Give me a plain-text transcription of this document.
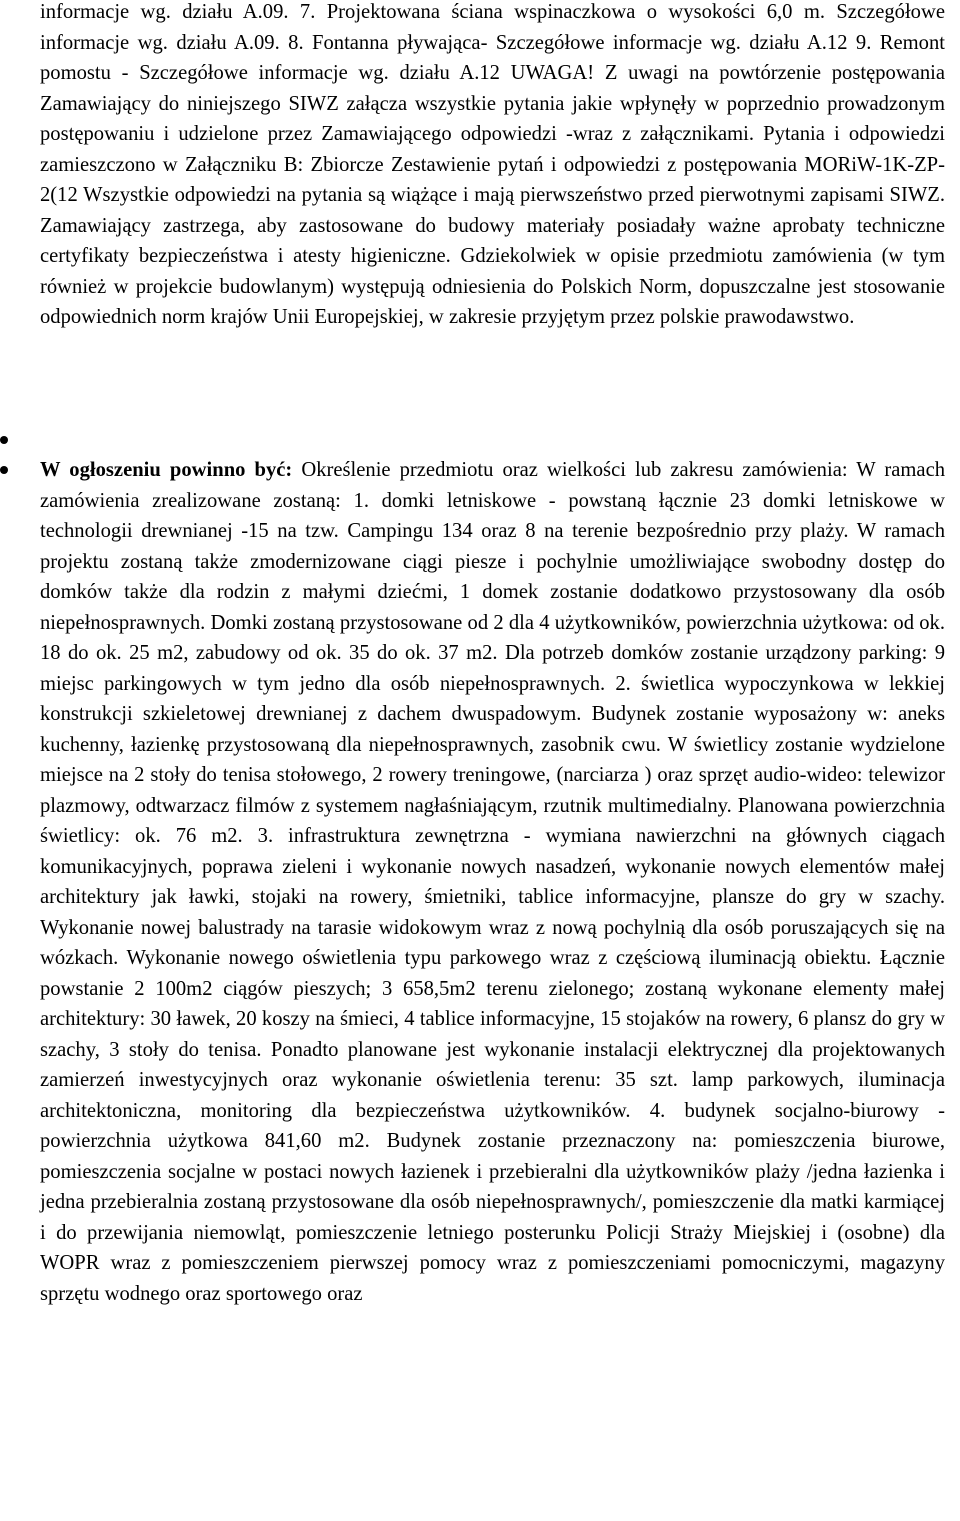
informacje wg. działu A.09. 7. Projektowana ściana wspinaczkowa o wysokości 6,0 m. Szczegółowe informacje wg. działu A.09. 8. Fontanna pływająca- Szczegółowe informacje wg. działu A.12 9. Remont pomostu - Szczegółowe informacje wg. działu A.12 UWAGA! Z uwagi na powtórzenie postępowania Zamawiający do niniejszego SIWZ załącza wszystkie pytania jakie wpłynęły w poprzednio prowadzonym postępowaniu i udzielone przez Zamawiającego odpowiedzi -wraz z załącznikami. Pytania i odpowiedzi zamieszczono w Załączniku B: Zbiorcze Zestawienie pytań i odpowiedzi z postępowania MORiW-1K-ZP-2(12 Wszystkie odpowiedzi na pytania są wiążące i mają pierwszeństwo przed pierwotnymi zapisami SIWZ. Zamawiający zastrzega, aby zastosowane do budowy materiały posiadały ważne aprobaty techniczne certyfikaty bezpieczeństwa i atesty higieniczne. Gdziekolwiek w opisie przedmiotu zamówienia (w tym również w projekcie budowlanym) występują odniesienia do Polskich Norm, dopuszczalne jest stosowanie odpowiednich norm krajów Unii Europejskiej, w zakresie przyjętym przez polskie prawodawstwo.

W ogłoszeniu powinno być: Określenie przedmiotu oraz wielkości lub zakresu zamówienia: W ramach zamówienia zrealizowane zostaną: 1. domki letniskowe - powstaną łącznie 23 domki letniskowe w technologii drewnianej -15 na tzw. Campingu 134 oraz 8 na terenie bezpośrednio przy plaży. W ramach projektu zostaną także zmodernizowane ciągi piesze i pochylnie umożliwiające swobodny dostęp do domków także dla rodzin z małymi dziećmi, 1 domek zostanie dodatkowo przystosowany dla osób niepełnosprawnych. Domki zostaną przystosowane od 2 dla 4 użytkowników, powierzchnia użytkowa: od ok. 18 do ok. 25 m2, zabudowy od ok. 35 do ok. 37 m2. Dla potrzeb domków zostanie urządzony parking: 9 miejsc parkingowych w tym jedno dla osób niepełnosprawnych. 2. świetlica wypoczynkowa w lekkiej konstrukcji szkieletowej drewnianej z dachem dwuspadowym. Budynek zostanie wyposażony w: aneks kuchenny, łazienkę przystosowaną dla niepełnosprawnych, zasobnik cwu. W świetlicy zostanie wydzielone miejsce na 2 stoły do tenisa stołowego, 2 rowery treningowe, (narciarza ) oraz sprzęt audio-wideo: telewizor plazmowy, odtwarzacz filmów z systemem nagłaśniającym, rzutnik multimedialny. Planowana powierzchnia świetlicy: ok. 76 m2. 3. infrastruktura zewnętrzna - wymiana nawierzchni na głównych ciągach komunikacyjnych, poprawa zieleni i wykonanie nowych nasadzeń, wykonanie nowych elementów małej architektury jak ławki, stojaki na rowery, śmietniki, tablice informacyjne, plansze do gry w szachy. Wykonanie nowej balustrady na tarasie widokowym wraz z nową pochylnią dla osób poruszających się na wózkach. Wykonanie nowego oświetlenia typu parkowego wraz z częściową iluminacją obiektu. Łącznie powstanie 2 100m2 ciągów pieszych; 3 658,5m2 terenu zielonego; zostaną wykonane elementy małej architektury: 30 ławek, 20 koszy na śmieci, 4 tablice informacyjne, 15 stojaków na rowery, 6 plansz do gry w szachy, 3 stoły do tenisa. Ponadto planowane jest wykonanie instalacji elektrycznej dla projektowanych zamierzeń inwestycyjnych oraz wykonanie oświetlenia terenu: 35 szt. lamp parkowych, iluminacja architektoniczna, monitoring dla bezpieczeństwa użytkowników. 4. budynek socjalno-biurowy - powierzchnia użytkowa 841,60 m2. Budynek zostanie przeznaczony na: pomieszczenia biurowe, pomieszczenia socjalne w postaci nowych łazienek i przebieralni dla użytkowników plaży /jedna łazienka i jedna przebieralnia zostaną przystosowane dla osób niepełnosprawnych/, pomieszczenie dla matki karmiącej i do przewijania niemowląt, pomieszczenie letniego posterunku Policji Straży Miejskiej i (osobne) dla WOPR wraz z pomieszczeniem pierwszej pomocy wraz z pomieszczeniami pomocniczymi, magazyny sprzętu wodnego oraz sportowego oraz
